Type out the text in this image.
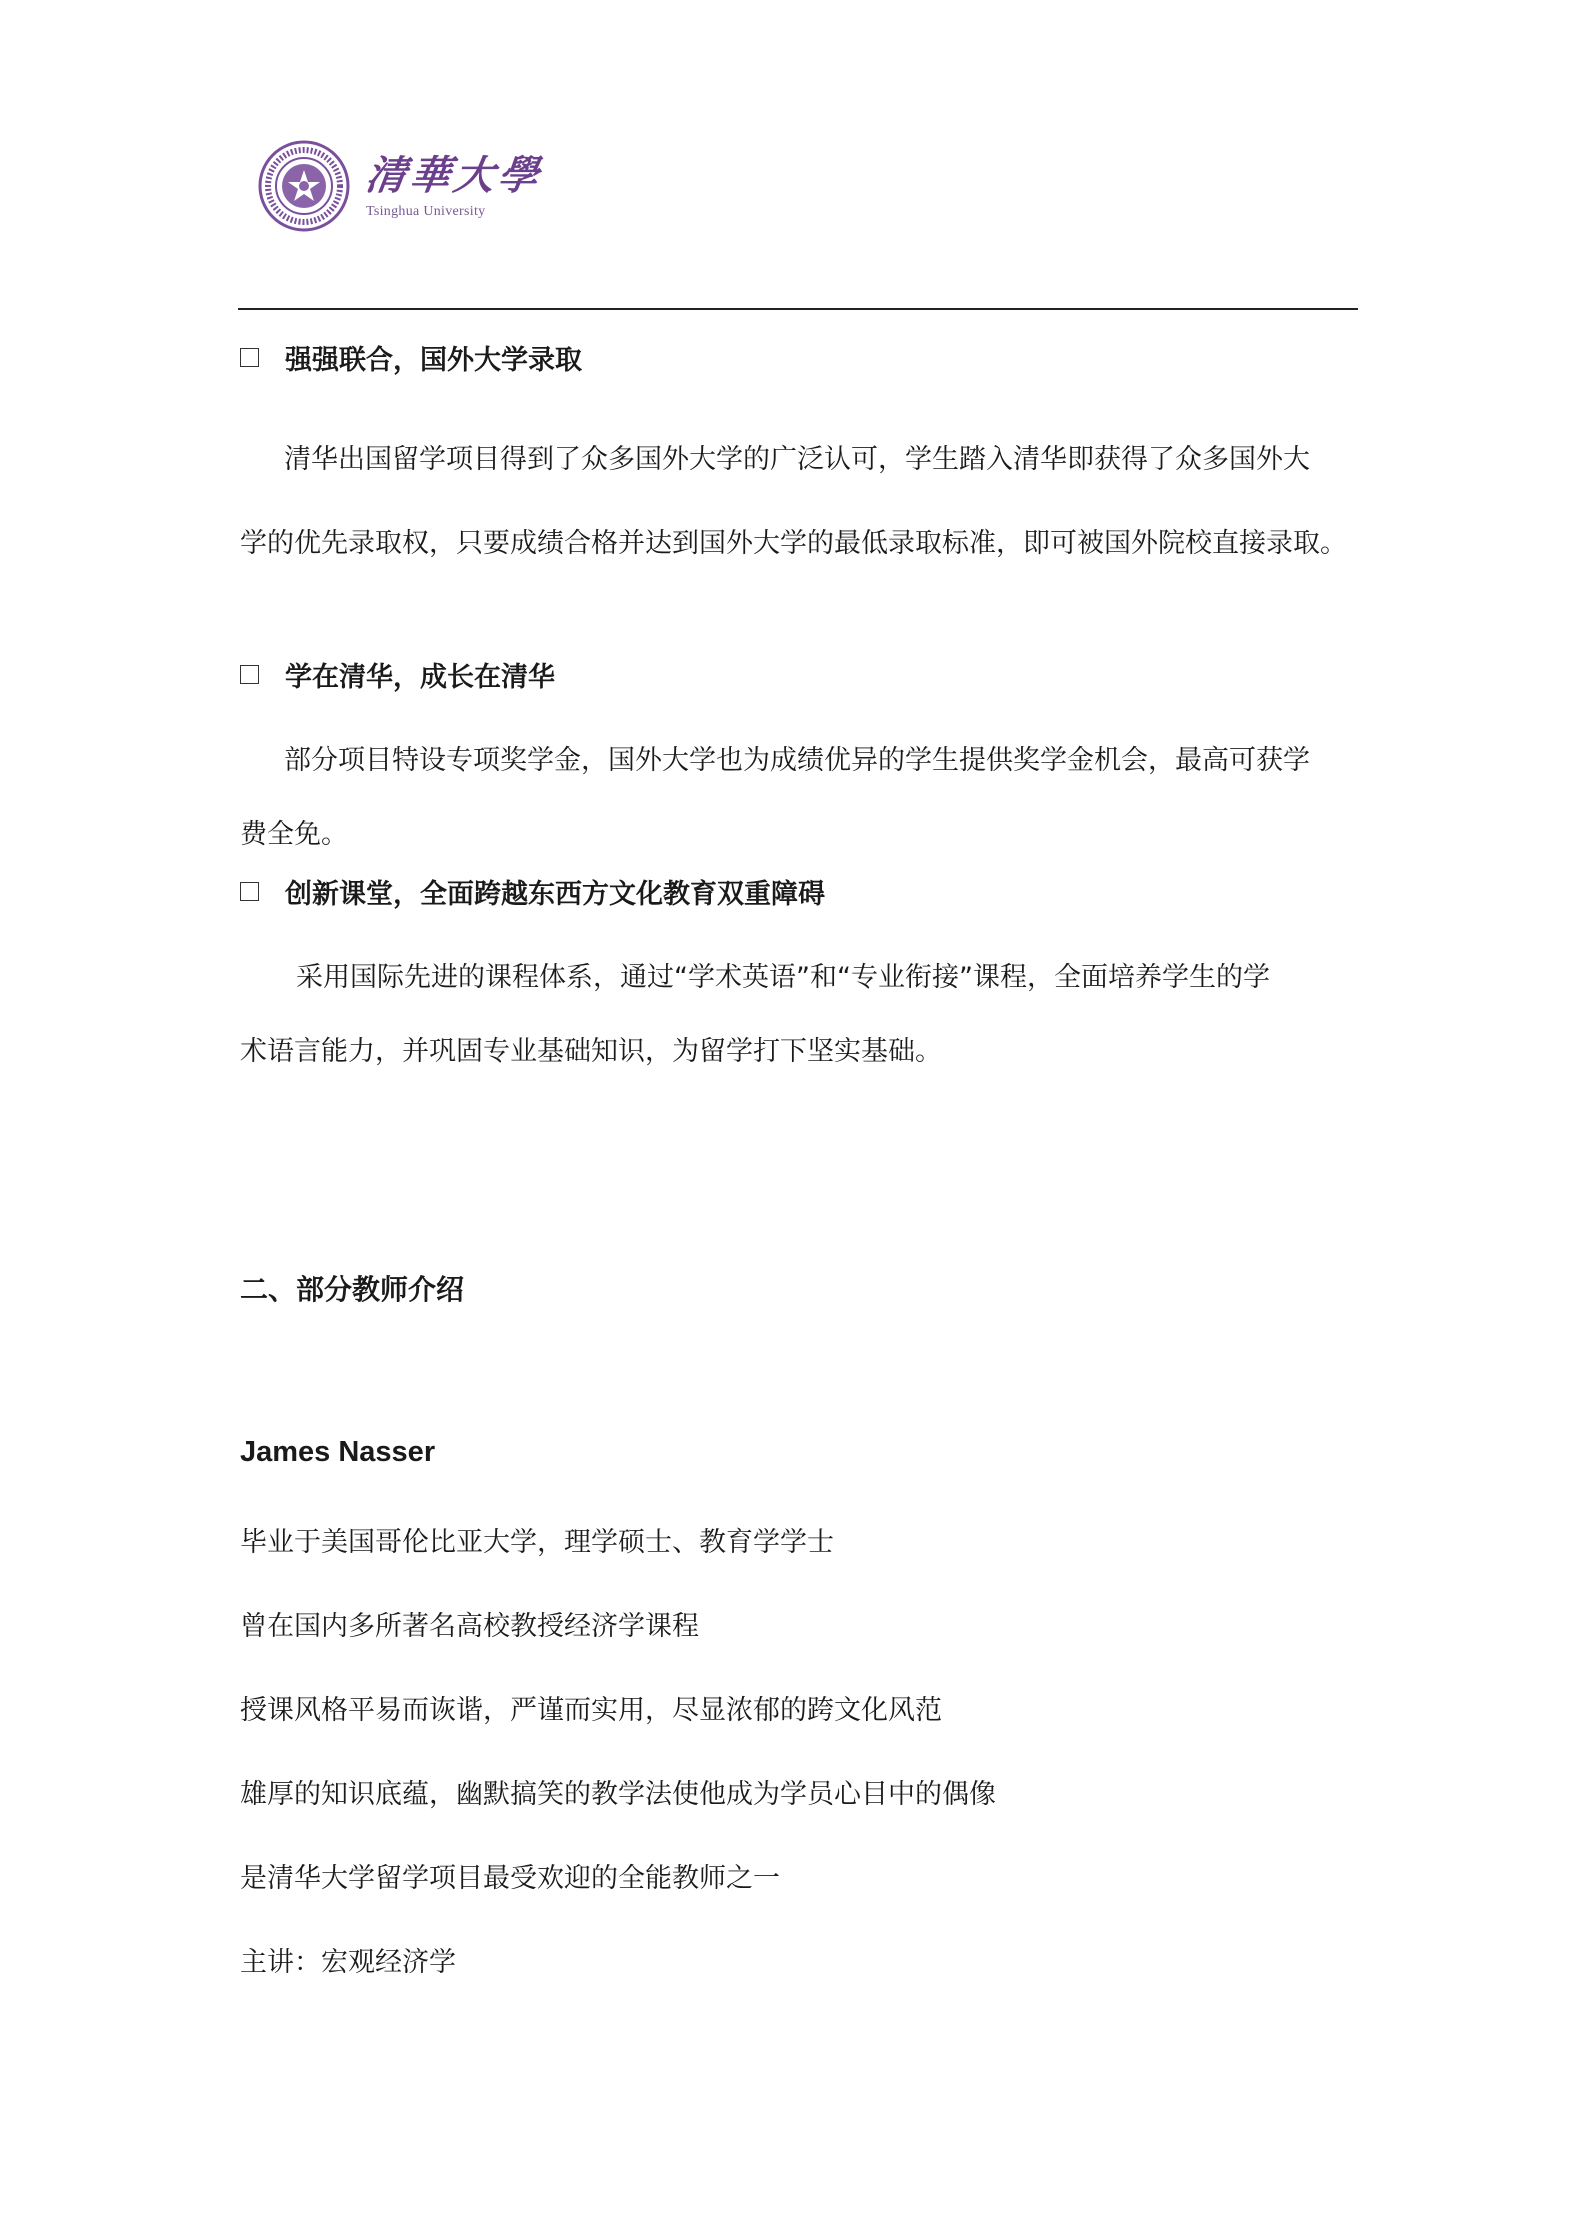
清華大學
Tsinghua University
强强联合，国外大学录取

清华出国留学项目得到了众多国外大学的广泛认可，学生踏入清华即获得了众多国外大
学的优先录取权，只要成绩合格并达到国外大学的最低录取标准，即可被国外院校直接录取。

学在清华，成长在清华

部分项目特设专项奖学金，国外大学也为成绩优异的学生提供奖学金机会，最高可获学
费全免。

创新课堂，全面跨越东西方文化教育双重障碍

采用国际先进的课程体系，通过“学术英语”和“专业衔接”课程，全面培养学生的学
术语言能力，并巩固专业基础知识，为留学打下坚实基础。

二、部分教师介绍
James Nasser
毕业于美国哥伦比亚大学，理学硕士、教育学学士
曾在国内多所著名高校教授经济学课程
授课风格平易而诙谐，严谨而实用，尽显浓郁的跨文化风范
雄厚的知识底蕴，幽默搞笑的教学法使他成为学员心目中的偶像
是清华大学留学项目最受欢迎的全能教师之一
主讲：宏观经济学
